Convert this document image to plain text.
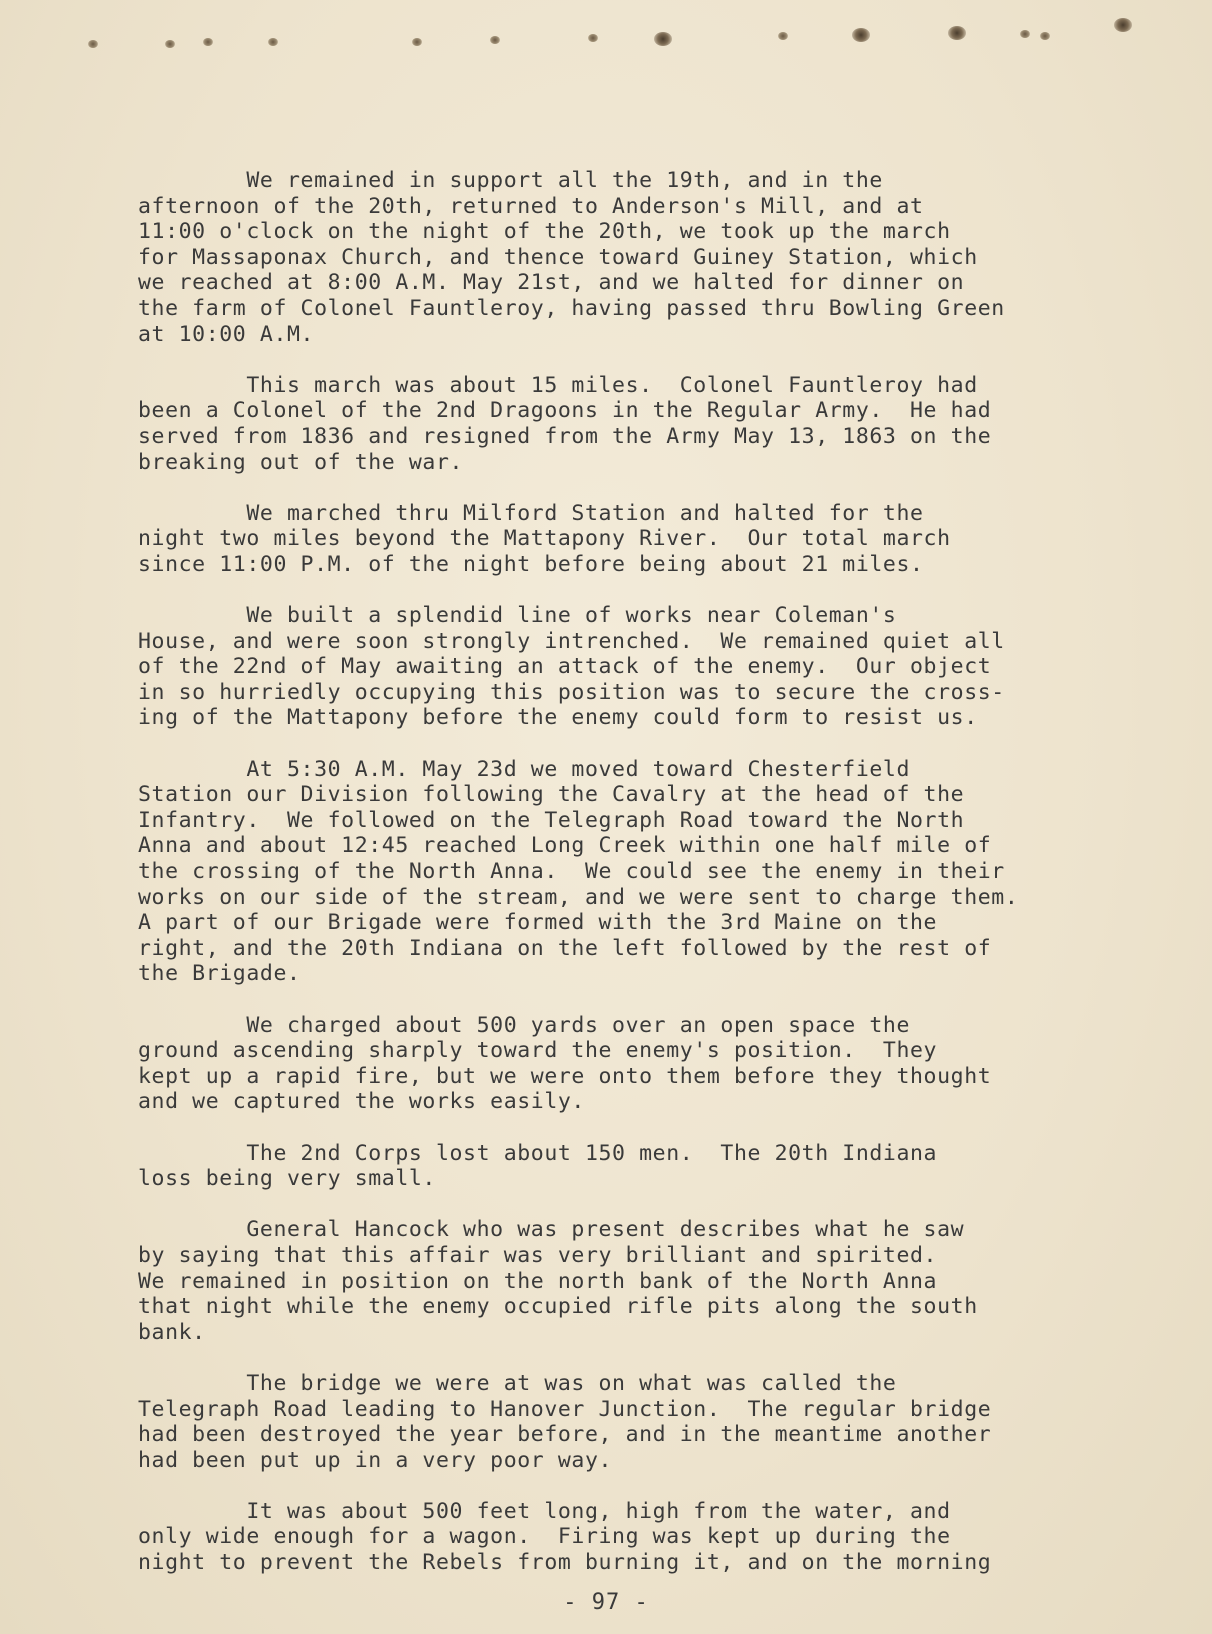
We remained in support all the 19th, and in the
afternoon of the 20th, returned to Anderson's Mill, and at
11:00 o'clock on the night of the 20th, we took up the march
for Massaponax Church, and thence toward Guiney Station, which
we reached at 8:00 A.M. May 21st, and we halted for dinner on
the farm of Colonel Fauntleroy, having passed thru Bowling Green
at 10:00 A.M.
This march was about 15 miles.  Colonel Fauntleroy had
been a Colonel of the 2nd Dragoons in the Regular Army.  He had
served from 1836 and resigned from the Army May 13, 1863 on the
breaking out of the war.
We marched thru Milford Station and halted for the
night two miles beyond the Mattapony River.  Our total march
since 11:00 P.M. of the night before being about 21 miles.
We built a splendid line of works near Coleman's
House, and were soon strongly intrenched.  We remained quiet all
of the 22nd of May awaiting an attack of the enemy.  Our object
in so hurriedly occupying this position was to secure the cross-
ing of the Mattapony before the enemy could form to resist us.
At 5:30 A.M. May 23d we moved toward Chesterfield
Station our Division following the Cavalry at the head of the
Infantry.  We followed on the Telegraph Road toward the North
Anna and about 12:45 reached Long Creek within one half mile of
the crossing of the North Anna.  We could see the enemy in their
works on our side of the stream, and we were sent to charge them.
A part of our Brigade were formed with the 3rd Maine on the
right, and the 20th Indiana on the left followed by the rest of
the Brigade.
We charged about 500 yards over an open space the
ground ascending sharply toward the enemy's position.  They
kept up a rapid fire, but we were onto them before they thought
and we captured the works easily.
The 2nd Corps lost about 150 men.  The 20th Indiana
loss being very small.
General Hancock who was present describes what he saw
by saying that this affair was very brilliant and spirited.
We remained in position on the north bank of the North Anna
that night while the enemy occupied rifle pits along the south
bank.
The bridge we were at was on what was called the
Telegraph Road leading to Hanover Junction.  The regular bridge
had been destroyed the year before, and in the meantime another
had been put up in a very poor way.
It was about 500 feet long, high from the water, and
only wide enough for a wagon.  Firing was kept up during the
night to prevent the Rebels from burning it, and on the morning
- 97 -
